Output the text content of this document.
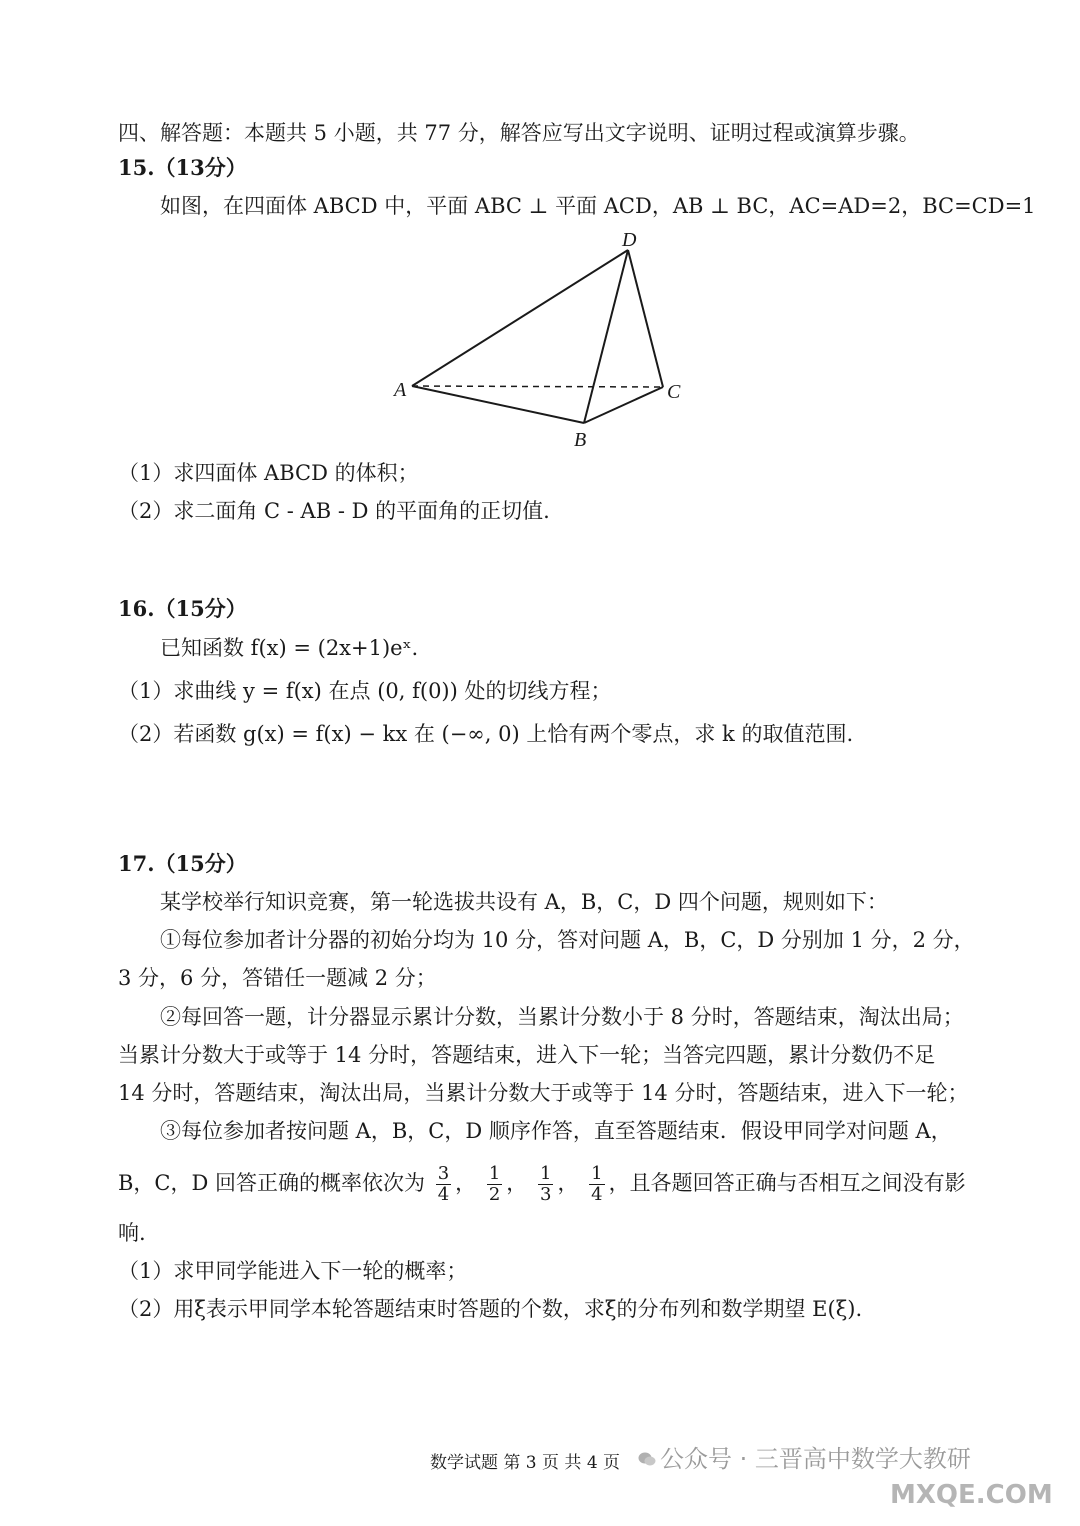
四、解答题：本题共 5 小题，共 77 分，解答应写出文字说明、证明过程或演算步骤。
15.（13分）
如图，在四面体 ABCD 中，平面 ABC ⊥ 平面 ACD，AB ⊥ BC，AC=AD=2，BC=CD=1
A
B
C
D
（1）求四面体 ABCD 的体积；
（2）求二面角 C - AB - D 的平面角的正切值.
16.（15分）
已知函数 f(x) = (2x+1)eˣ.
（1）求曲线 y = f(x) 在点 (0, f(0)) 处的切线方程；
（2）若函数 g(x) = f(x) − kx 在 (−∞, 0) 上恰有两个零点，求 k 的取值范围.
17.（15分）
某学校举行知识竞赛，第一轮选拔共设有 A，B，C，D 四个问题，规则如下：
①每位参加者计分器的初始分均为 10 分，答对问题 A，B，C，D 分别加 1 分，2 分，
3 分，6 分，答错任一题减 2 分；
②每回答一题，计分器显示累计分数，当累计分数小于 8 分时，答题结束，淘汰出局；
当累计分数大于或等于 14 分时，答题结束，进入下一轮；当答完四题，累计分数仍不足
14 分时，答题结束，淘汰出局，当累计分数大于或等于 14 分时，答题结束，进入下一轮；
③每位参加者按问题 A，B，C，D 顺序作答，直至答题结束．假设甲同学对问题 A，
B，C，D 回答正确的概率依次为 $\frac{3}{4}$ ， $\frac{1}{2}$ ， $\frac{1}{3}$ ， $\frac{1}{4}$ ，且各题回答正确与否相互之间没有影
响.
（1）求甲同学能进入下一轮的概率；
（2）用ξ表示甲同学本轮答题结束时答题的个数，求ξ的分布列和数学期望 E(ξ).
数学试题 第 3 页 共 4 页 公众号 · 三晋高中数学大教研
MXQE.COM
